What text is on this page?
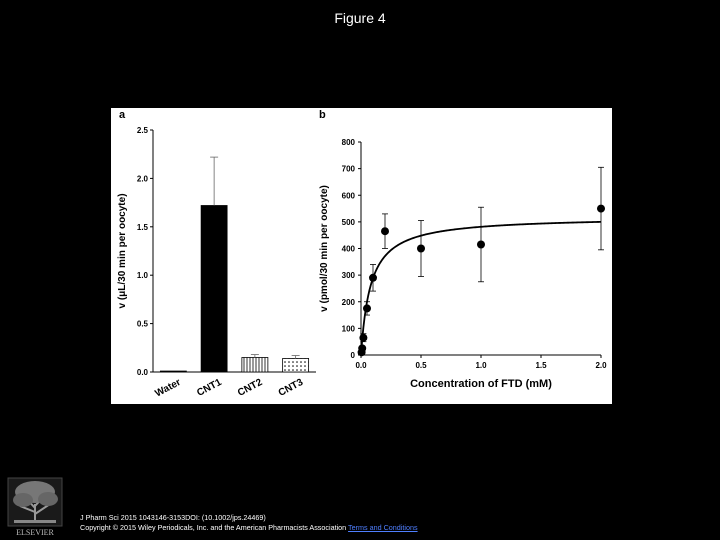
Figure 4
a
0.0
0.5
1.0
1.5
2.0
2.5
v (μL/30 min per oocyte)
Water CNT1 CNT2 CNT3
b
0
100
200
300
400
500
600
700
800
0.0	0.5	1.0	1.5	2.0
Concentration of FTD (mM)
v (pmol/30 min per oocyte)
ELSEVIER
J Pharm Sci 2015 1043146-3153DOI: (10.1002/jps.24469)
Copyright © 2015 Wiley Periodicals, Inc. and the American Pharmacists Association Terms and Conditions
